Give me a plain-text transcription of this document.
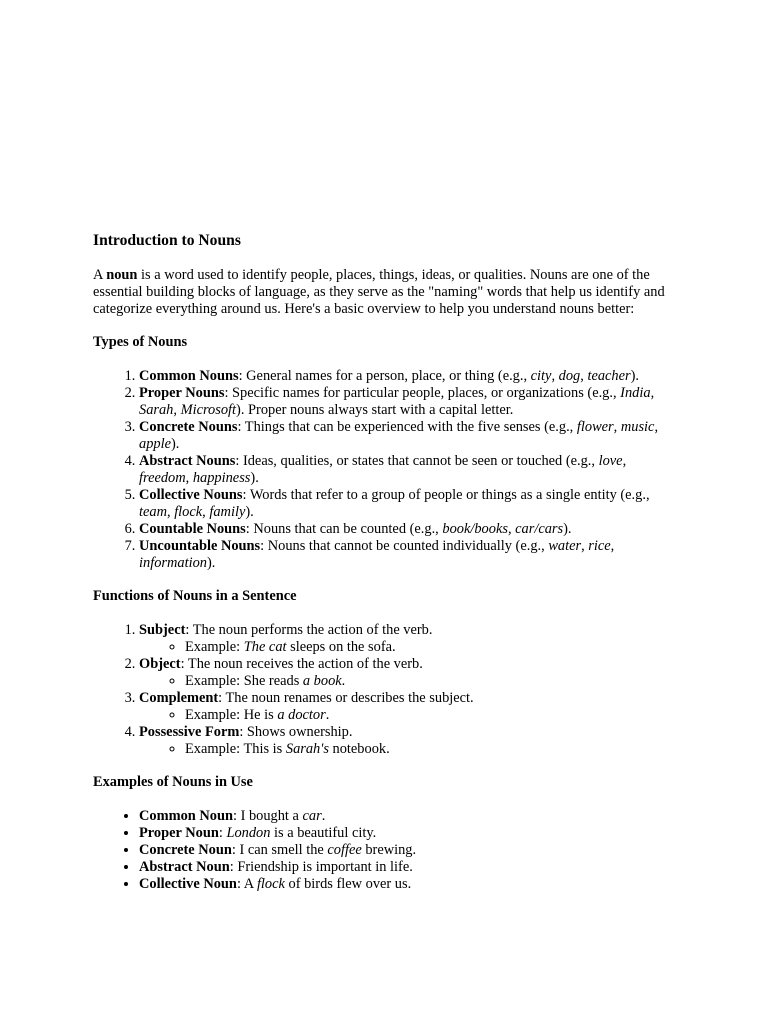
Introduction to Nouns

A noun is a word used to identify people, places, things, ideas, or qualities. Nouns are one of the essential building blocks of language, as they serve as the "naming" words that help us identify and categorize everything around us. Here's a basic overview to help you understand nouns better:

Types of Nouns
1. Common Nouns: General names for a person, place, or thing (e.g., city, dog, teacher).
2. Proper Nouns: Specific names for particular people, places, or organizations (e.g., India, Sarah, Microsoft). Proper nouns always start with a capital letter.
3. Concrete Nouns: Things that can be experienced with the five senses (e.g., flower, music, apple).
4. Abstract Nouns: Ideas, qualities, or states that cannot be seen or touched (e.g., love, freedom, happiness).
5. Collective Nouns: Words that refer to a group of people or things as a single entity (e.g., team, flock, family).
6. Countable Nouns: Nouns that can be counted (e.g., book/books, car/cars).
7. Uncountable Nouns: Nouns that cannot be counted individually (e.g., water, rice, information).
Functions of Nouns in a Sentence
1. Subject: The noun performs the action of the verb.
◦ Example: The cat sleeps on the sofa.
2. Object: The noun receives the action of the verb.
◦ Example: She reads a book.
3. Complement: The noun renames or describes the subject.
◦ Example: He is a doctor.
4. Possessive Form: Shows ownership.
◦ Example: This is Sarah's notebook.
Examples of Nouns in Use
• Common Noun: I bought a car.
• Proper Noun: London is a beautiful city.
• Concrete Noun: I can smell the coffee brewing.
• Abstract Noun: Friendship is important in life.
• Collective Noun: A flock of birds flew over us.
